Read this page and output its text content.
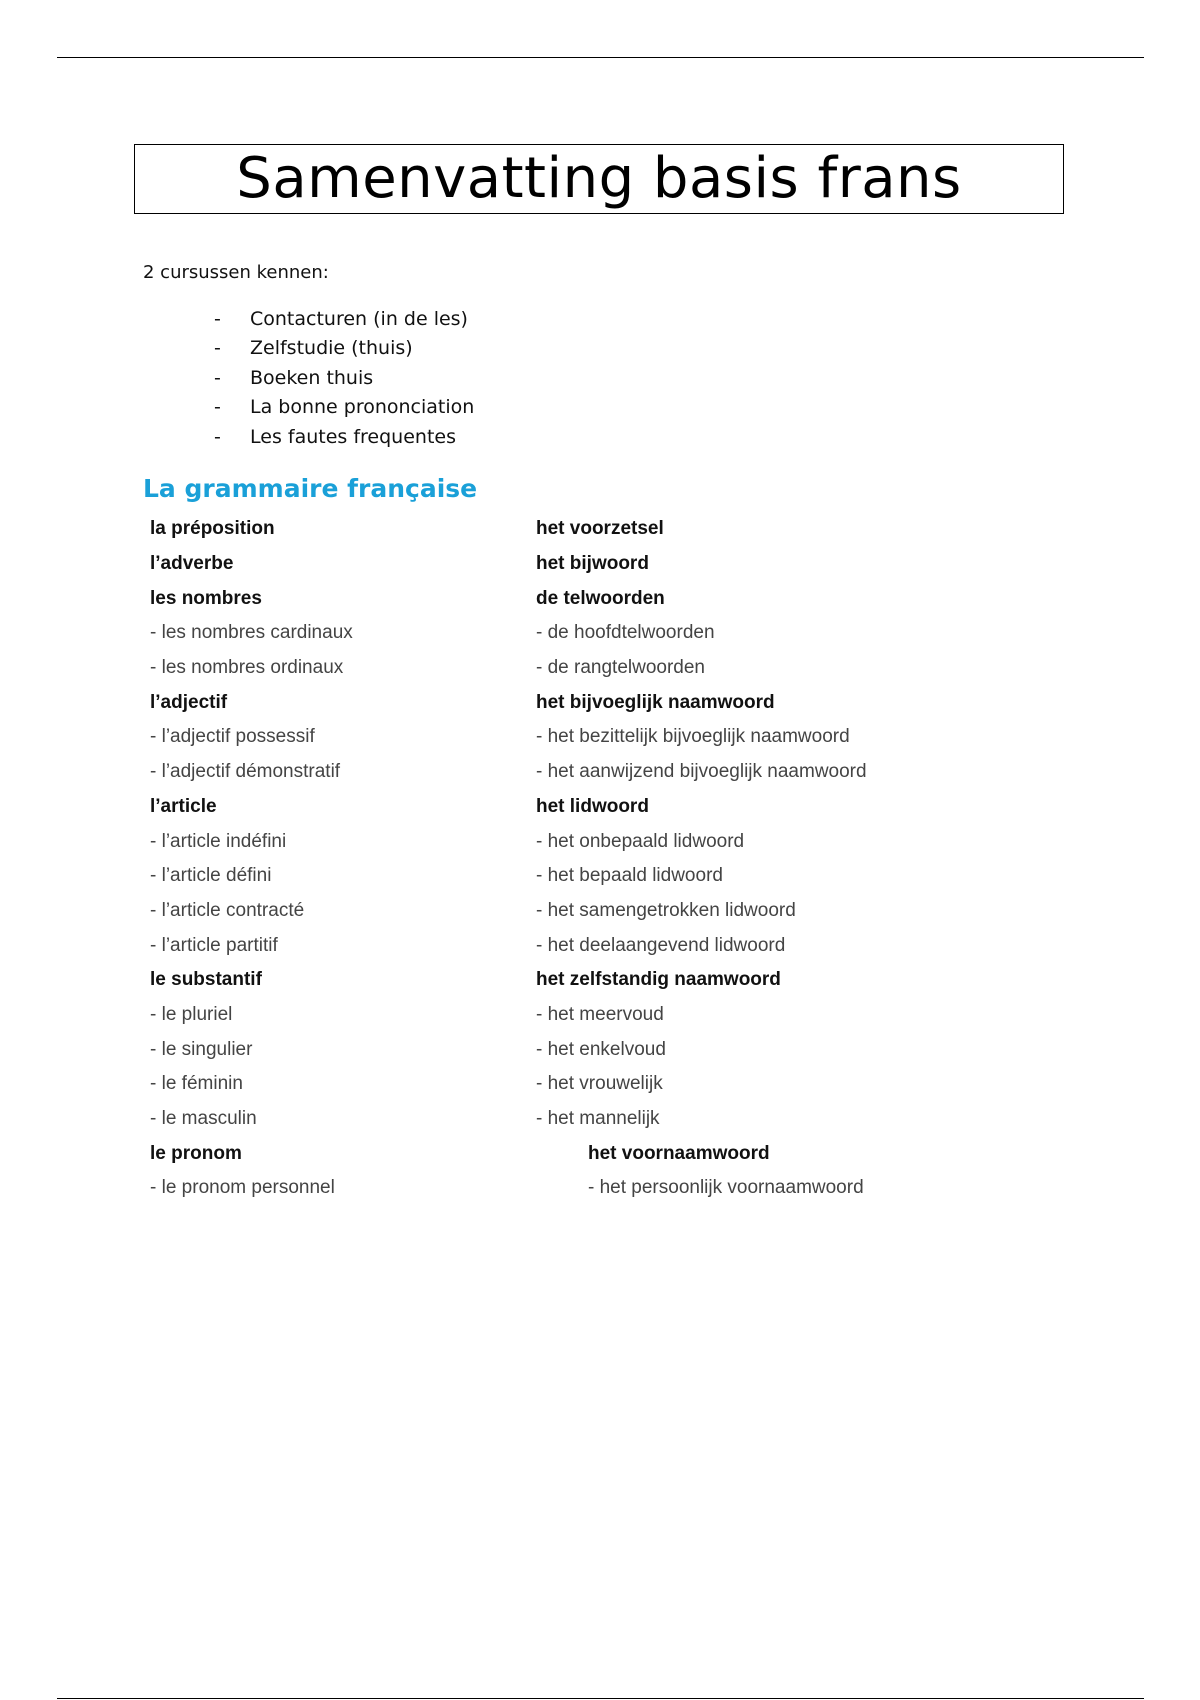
Samenvatting basis frans
2 cursussen kennen:
-	Contacturen (in de les)
-	Zelfstudie (thuis)
-	Boeken thuis
-	La bonne prononciation
-	Les fautes frequentes
La grammaire française
la préposition	het voorzetsel
l’adverbe	het bijwoord
les nombres	de telwoorden
- les nombres cardinaux	- de hoofdtelwoorden
- les nombres ordinaux	- de rangtelwoorden
l’adjectif	het bijvoeglijk naamwoord
- l’adjectif possessif	- het bezittelijk bijvoeglijk naamwoord
- l’adjectif démonstratif	- het aanwijzend bijvoeglijk naamwoord
l’article	het lidwoord
- l’article indéfini	- het onbepaald lidwoord
- l’article défini	- het bepaald lidwoord
- l’article contracté	- het samengetrokken lidwoord
- l’article partitif	- het deelaangevend lidwoord
le substantif	het zelfstandig naamwoord
- le pluriel	- het meervoud
- le singulier	- het enkelvoud
- le féminin	- het vrouwelijk
- le masculin	- het mannelijk
le pronom	het voornaamwoord
- le pronom personnel	- het persoonlijk voornaamwoord
